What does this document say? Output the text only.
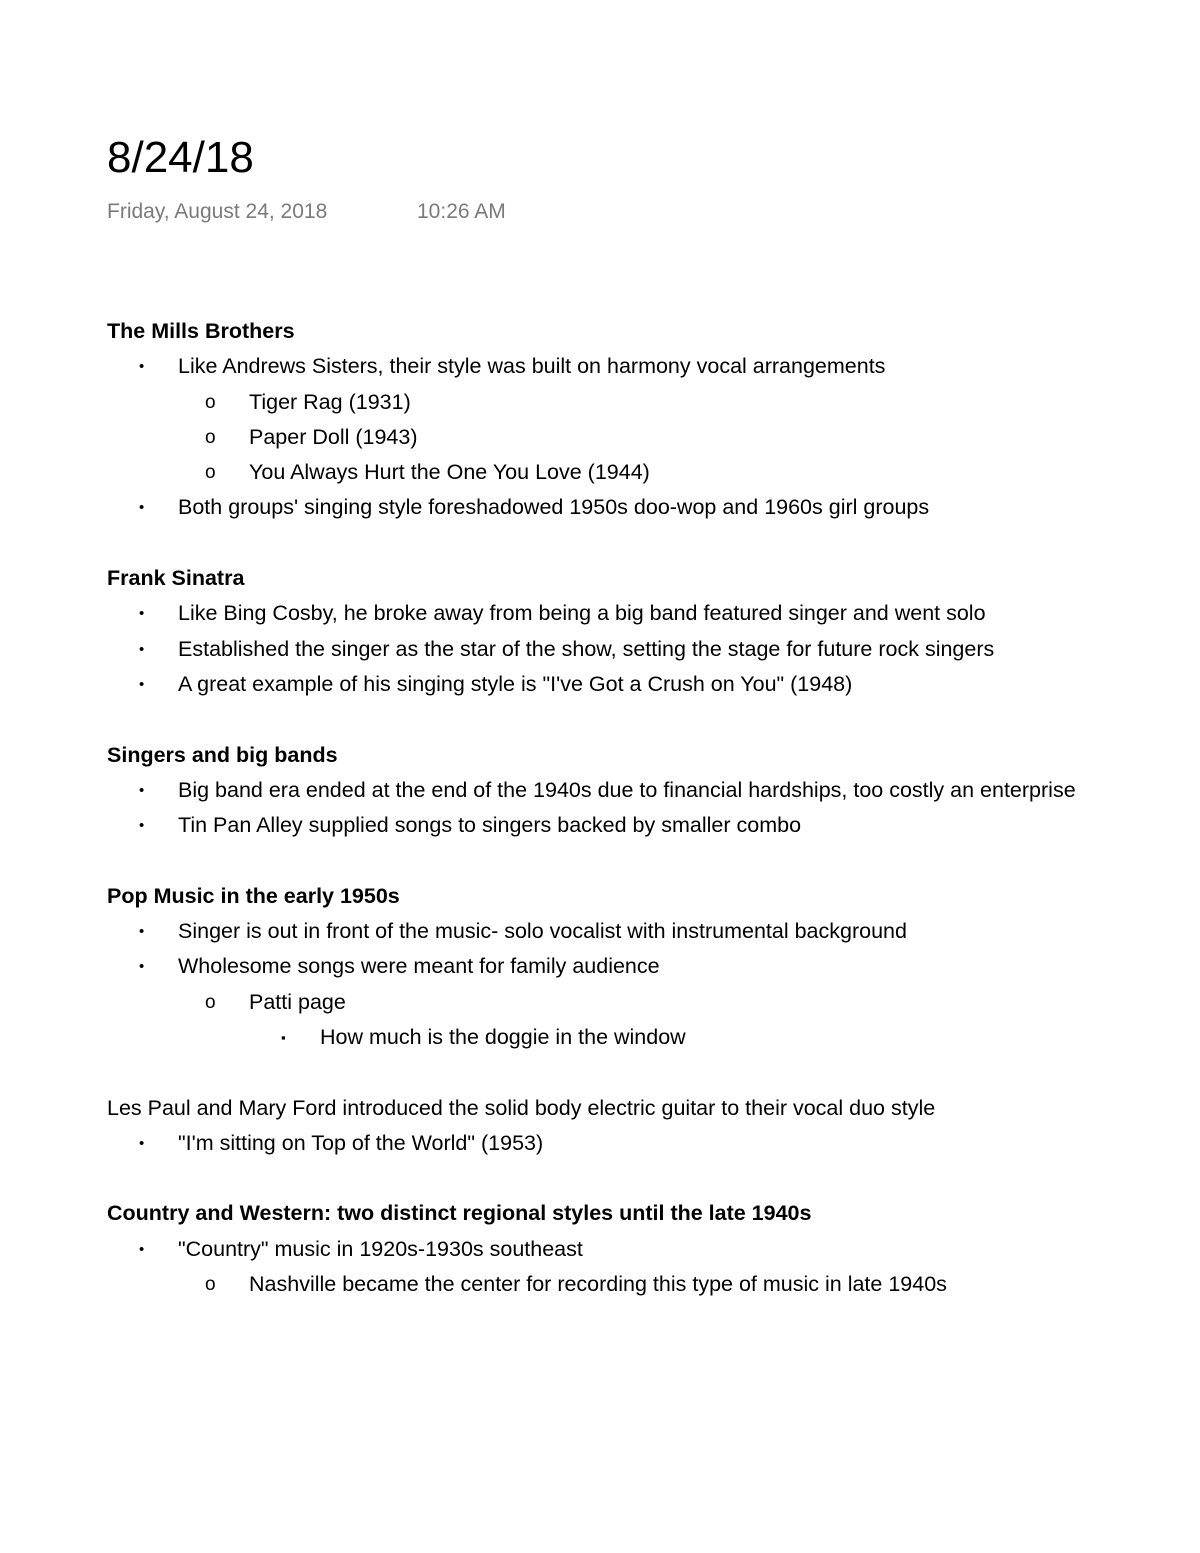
8/24/18
Friday, August 24, 2018	10:26 AM

The Mills Brothers

• Like Andrews Sisters, their style was built on harmony vocal arrangements
o Tiger Rag (1931)
o Paper Doll (1943)
o You Always Hurt the One You Love (1944)
• Both groups' singing style foreshadowed 1950s doo-wop and 1960s girl groups

Frank Sinatra

• Like Bing Cosby, he broke away from being a big band featured singer and went solo
• Established the singer as the star of the show, setting the stage for future rock singers
• A great example of his singing style is "I've Got a Crush on You" (1948)

Singers and big bands

• Big band era ended at the end of the 1940s due to financial hardships, too costly an enterprise
• Tin Pan Alley supplied songs to singers backed by smaller combo

Pop Music in the early 1950s

• Singer is out in front of the music- solo vocalist with instrumental background
• Wholesome songs were meant for family audience
o Patti page
▪ How much is the doggie in the window

Les Paul and Mary Ford introduced the solid body electric guitar to their vocal duo style

• "I'm sitting on Top of the World" (1953)

Country and Western: two distinct regional styles until the late 1940s

• "Country" music in 1920s-1930s southeast
o Nashville became the center for recording this type of music in late 1940s
